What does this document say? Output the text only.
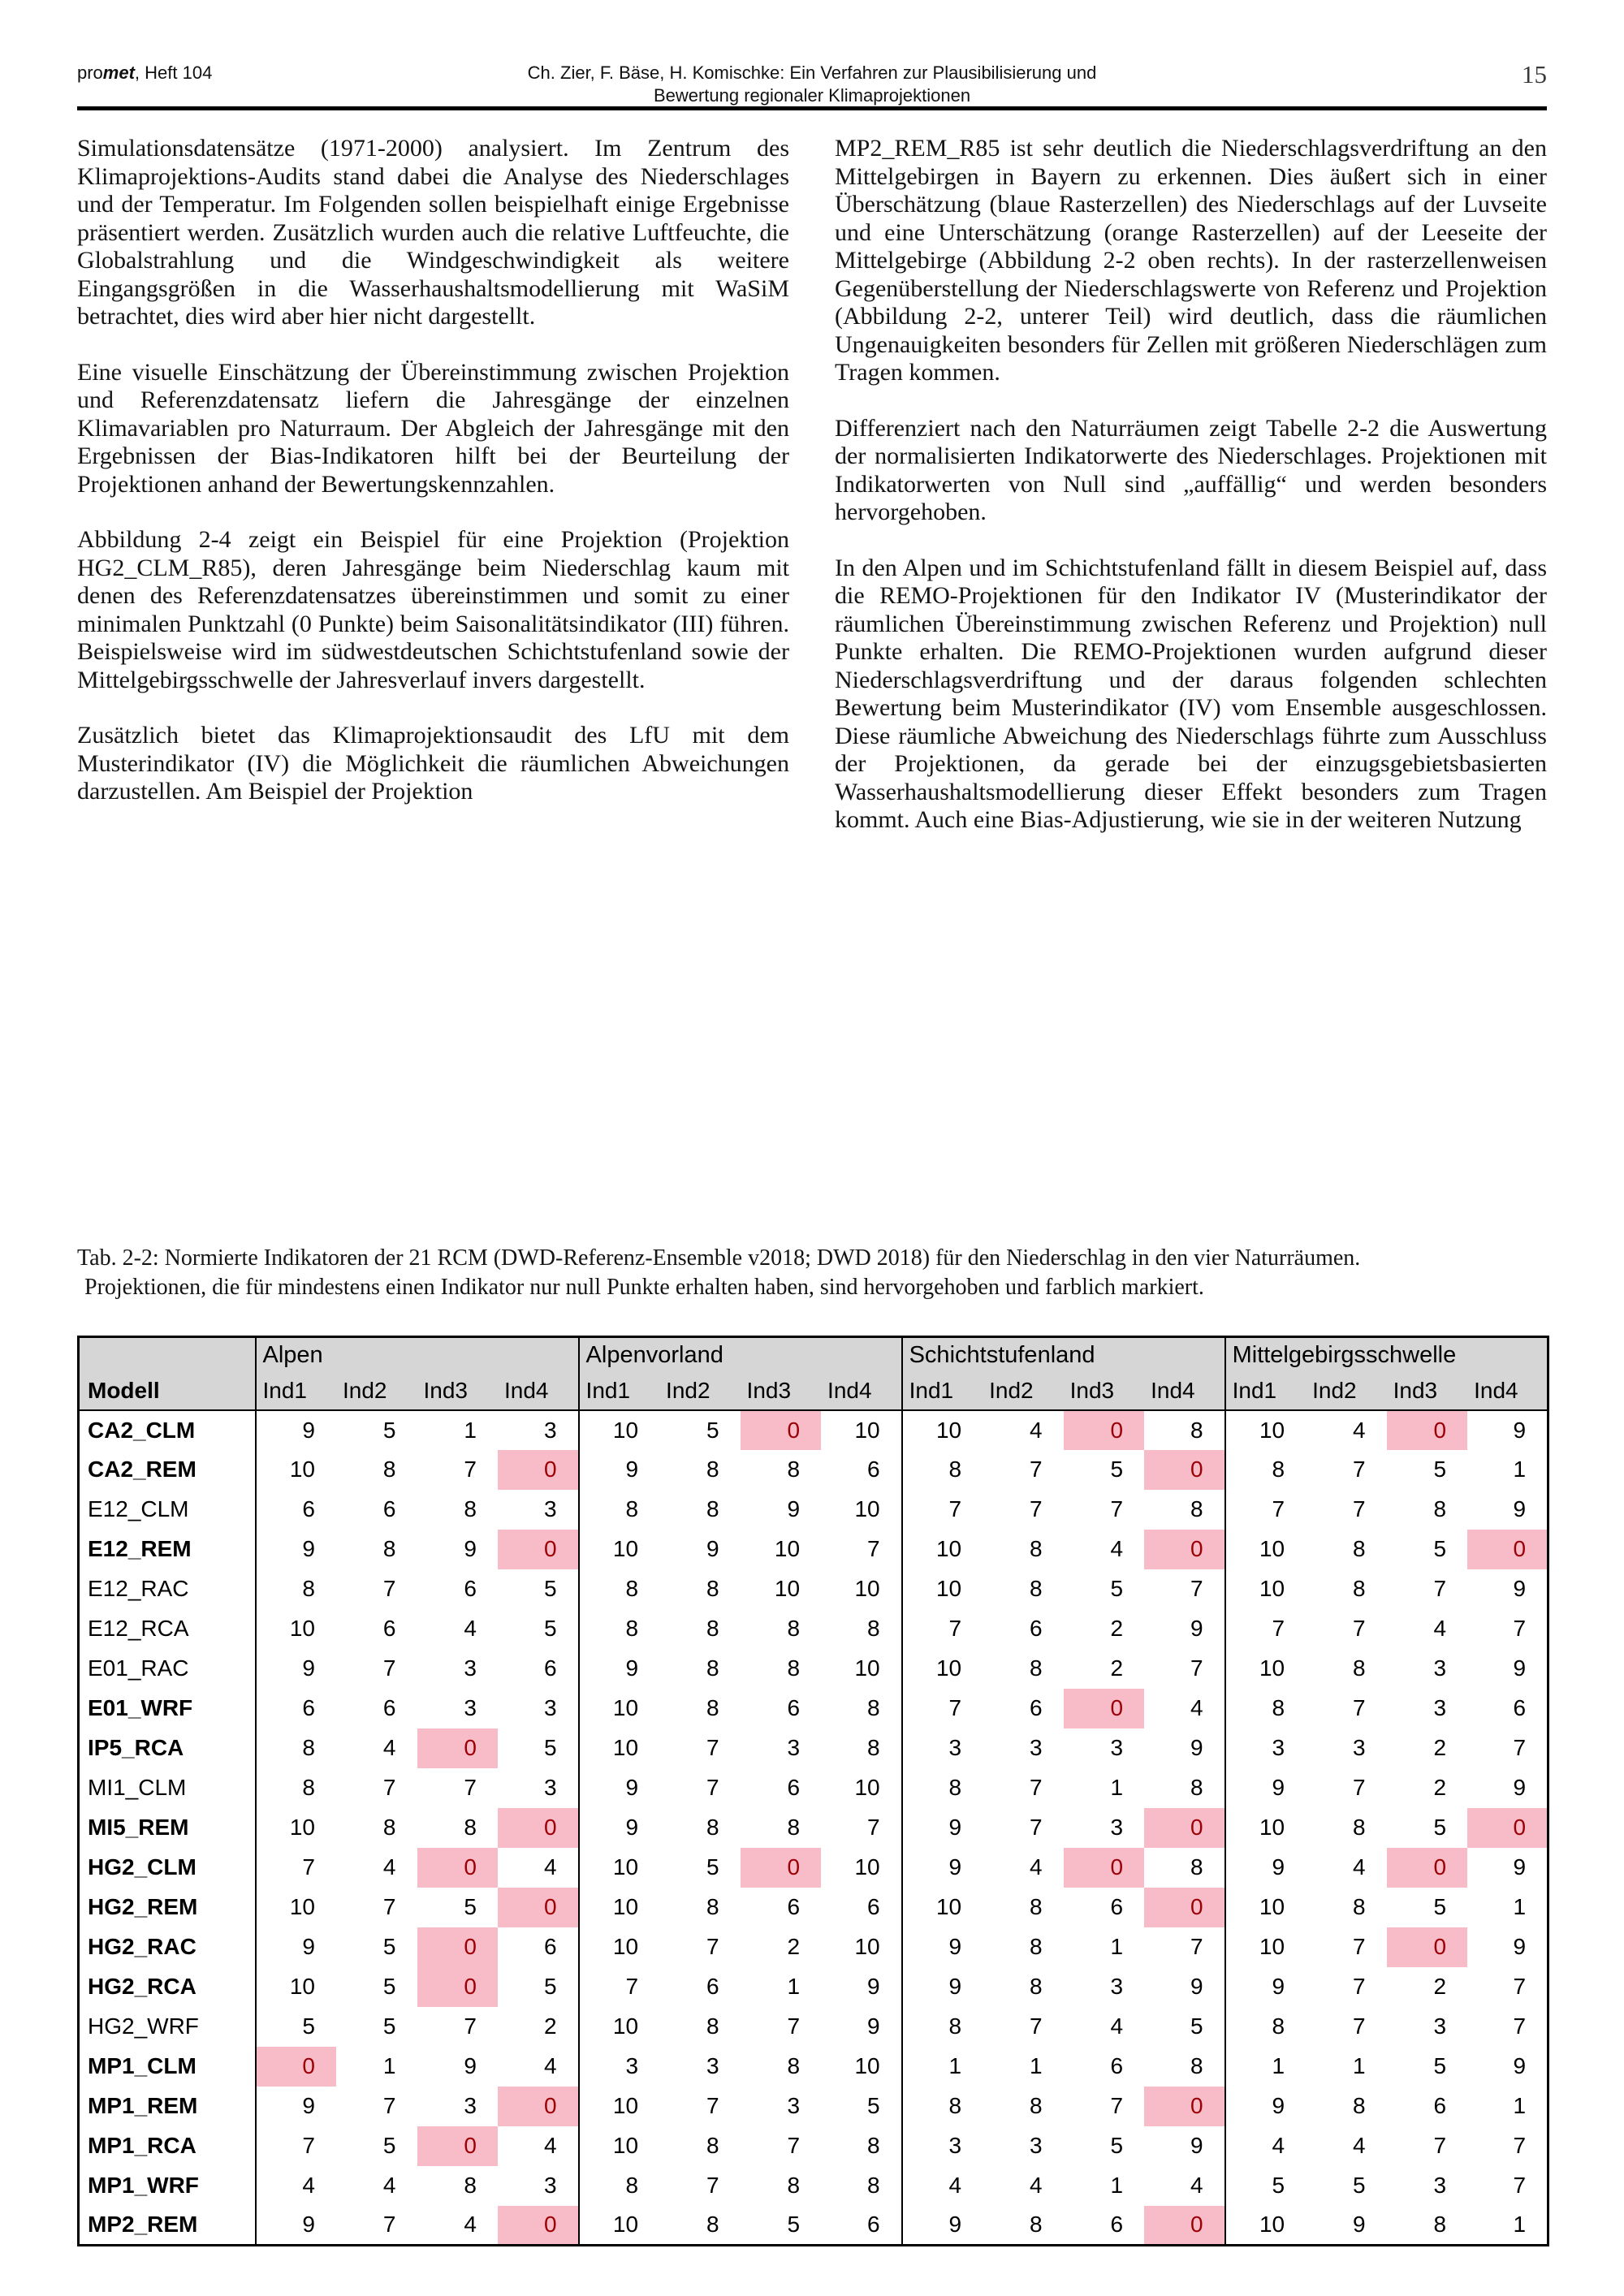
promet, Heft 104	Ch. Zier, F. Bäse, H. Komischke: Ein Verfahren zur Plausibilisierung und
Bewertung regionaler Klimaprojektionen
15

Simulationsdatensätze (1971-2000) analysiert. Im Zentrum des Klimaprojektions-Audits stand dabei die Analyse des Niederschlages und der Temperatur. Im Folgenden sollen beispielhaft einige Ergebnisse präsentiert werden. Zusätzlich wurden auch die relative Luftfeuchte, die Globalstrahlung und die Windgeschwindigkeit als weitere Eingangsgrößen in die Wasserhaushaltsmodellierung mit WaSiM betrachtet, dies wird aber hier nicht dargestellt.

Eine visuelle Einschätzung der Übereinstimmung zwischen Projektion und Referenzdatensatz liefern die Jahresgänge der einzelnen Klimavariablen pro Naturraum. Der Abgleich der Jahresgänge mit den Ergebnissen der Bias-Indikatoren hilft bei der Beurteilung der Projektionen anhand der Bewertungskennzahlen.

Abbildung 2-4 zeigt ein Beispiel für eine Projektion (Projektion HG2_CLM_R85), deren Jahresgänge beim Niederschlag kaum mit denen des Referenzdatensatzes übereinstimmen und somit zu einer minimalen Punktzahl (0 Punkte) beim Saisonalitätsindikator (III) führen. Beispielsweise wird im südwestdeutschen Schichtstufenland sowie der Mittelgebirgsschwelle der Jahresverlauf invers dargestellt.

Zusätzlich bietet das Klimaprojektionsaudit des LfU mit dem Musterindikator (IV) die Möglichkeit die räumlichen Abweichungen darzustellen. Am Beispiel der Projektion

MP2_REM_R85 ist sehr deutlich die Niederschlagsverdriftung an den Mittelgebirgen in Bayern zu erkennen. Dies äußert sich in einer Überschätzung (blaue Rasterzellen) des Niederschlags auf der Luvseite und eine Unterschätzung (orange Rasterzellen) auf der Leeseite der Mittelgebirge (Abbildung 2-2 oben rechts). In der rasterzellenweisen Gegenüberstellung der Niederschlagswerte von Referenz und Projektion (Abbildung 2-2, unterer Teil) wird deutlich, dass die räumlichen Ungenauigkeiten besonders für Zellen mit größeren Niederschlägen zum Tragen kommen.

Differenziert nach den Naturräumen zeigt Tabelle 2-2 die Auswertung der normalisierten Indikatorwerte des Niederschlages. Projektionen mit Indikatorwerten von Null sind „auffällig“ und werden besonders hervorgehoben.

In den Alpen und im Schichtstufenland fällt in diesem Beispiel auf, dass die REMO-Projektionen für den Indikator IV (Musterindikator der räumlichen Übereinstimmung zwischen Referenz und Projektion) null Punkte erhalten. Die REMO-Projektionen wurden aufgrund dieser Niederschlagsverdriftung und der daraus folgenden schlechten Bewertung beim Musterindikator (IV) vom Ensemble ausgeschlossen. Diese räumliche Abweichung des Niederschlags führte zum Ausschluss der Projektionen, da gerade bei der einzugsgebietsbasierten Wasserhaushaltsmodellierung dieser Effekt besonders zum Tragen kommt. Auch eine Bias-Adjustierung, wie sie in der weiteren Nutzung

Tab. 2-2: Normierte Indikatoren der 21 RCM (DWD-Referenz-Ensemble v2018; DWD 2018) für den Niederschlag in den vier Naturräumen.
Projektionen, die für mindestens einen Indikator nur null Punkte erhalten haben, sind hervorgehoben und farblich markiert.
	Alpen				Alpenvorland				Schichtstufenland				Mittelgebirgsschwelle			
Modell	Ind1	Ind2	Ind3	Ind4	Ind1	Ind2	Ind3	Ind4	Ind1	Ind2	Ind3	Ind4	Ind1	Ind2	Ind3	Ind4
CA2_CLM	9	5	1	3	10	5	0	10	10	4	0	8	10	4	0	9
CA2_REM	10	8	7	0	9	8	8	6	8	7	5	0	8	7	5	1
E12_CLM	6	6	8	3	8	8	9	10	7	7	7	8	7	7	8	9
E12_REM	9	8	9	0	10	9	10	7	10	8	4	0	10	8	5	0
E12_RAC	8	7	6	5	8	8	10	10	10	8	5	7	10	8	7	9
E12_RCA	10	6	4	5	8	8	8	8	7	6	2	9	7	7	4	7
E01_RAC	9	7	3	6	9	8	8	10	10	8	2	7	10	8	3	9
E01_WRF	6	6	3	3	10	8	6	8	7	6	0	4	8	7	3	6
IP5_RCA	8	4	0	5	10	7	3	8	3	3	3	9	3	3	2	7
MI1_CLM	8	7	7	3	9	7	6	10	8	7	1	8	9	7	2	9
MI5_REM	10	8	8	0	9	8	8	7	9	7	3	0	10	8	5	0
HG2_CLM	7	4	0	4	10	5	0	10	9	4	0	8	9	4	0	9
HG2_REM	10	7	5	0	10	8	6	6	10	8	6	0	10	8	5	1
HG2_RAC	9	5	0	6	10	7	2	10	9	8	1	7	10	7	0	9
HG2_RCA	10	5	0	5	7	6	1	9	9	8	3	9	9	7	2	7
HG2_WRF	5	5	7	2	10	8	7	9	8	7	4	5	8	7	3	7
MP1_CLM	0	1	9	4	3	3	8	10	1	1	6	8	1	1	5	9
MP1_REM	9	7	3	0	10	7	3	5	8	8	7	0	9	8	6	1
MP1_RCA	7	5	0	4	10	8	7	8	3	3	5	9	4	4	7	7
MP1_WRF	4	4	8	3	8	7	8	8	4	4	1	4	5	5	3	7
MP2_REM	9	7	4	0	10	8	5	6	9	8	6	0	10	9	8	1
